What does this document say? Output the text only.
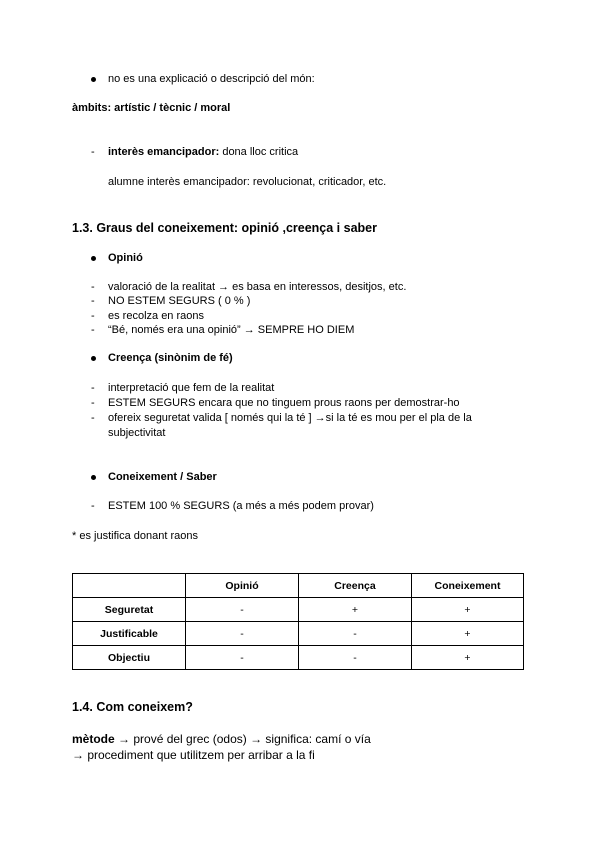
no es una explicació o descripció del món:
àmbits: artístic / tècnic / moral
- interès emancipador: dona lloc critica
alumne interès emancipador: revolucionat, criticador, etc.
1.3. Graus del coneixement: opinió ,creença i saber
Opinió
- valoració de la realitat → es basa en interessos, desitjos, etc.
- NO ESTEM SEGURS ( 0 % )
- es recolza en raons
- “Bé, només era una opinió” → SEMPRE HO DIEM
Creença (sinònim de fé)
- interpretació que fem de la realitat
- ESTEM SEGURS encara que no tinguem prous raons per demostrar-ho
- ofereix seguretat valida [ només qui la té ] →si la té es mou per el pla de la
subjectivitat
Coneixement / Saber
- ESTEM 100 % SEGURS (a més a més podem provar)
* es justifica donant raons
	Opinió	Creença	Coneixement
Seguretat	-	+	+
Justificable	-	-	+
Objectiu	-	-	+
1.4. Com coneixem?
mètode → prové del grec (odos) → significa: camí o vía
→ procediment que utilitzem per arribar a la fi
